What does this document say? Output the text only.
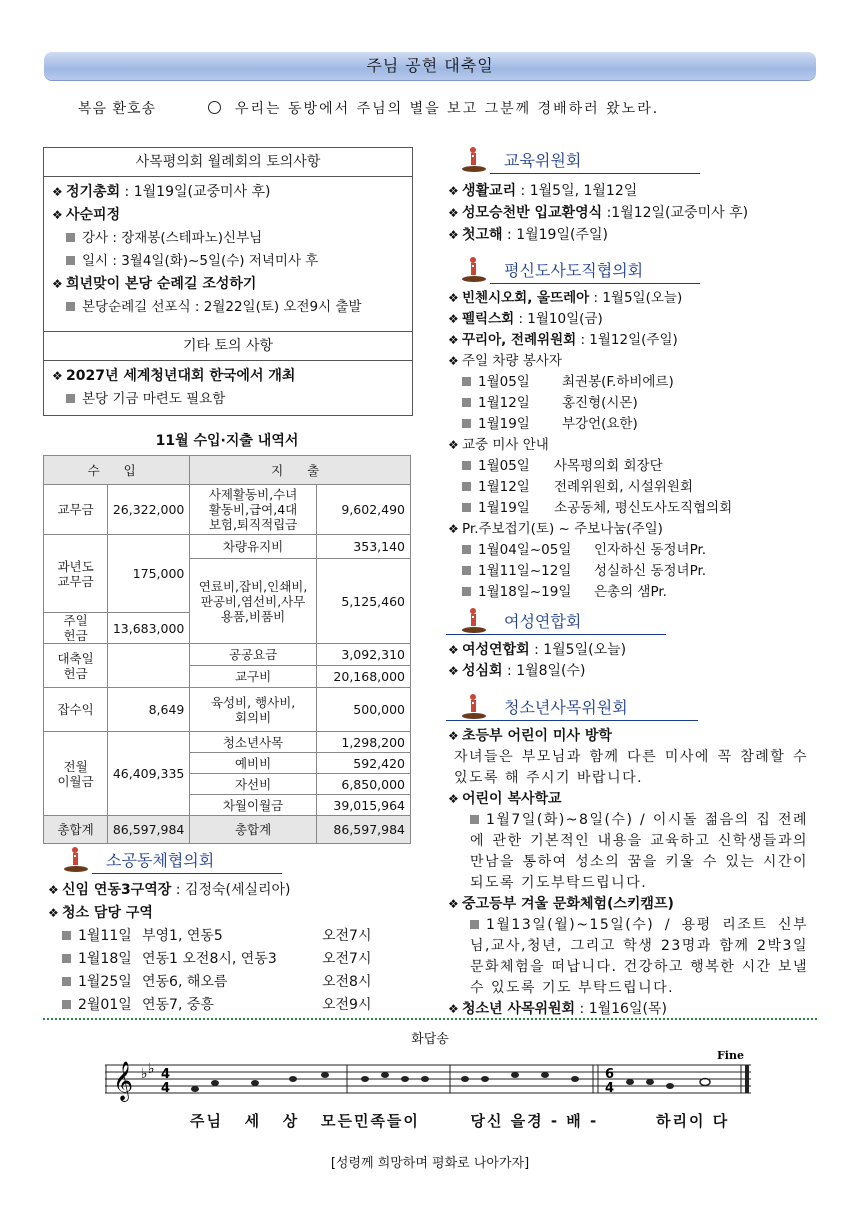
주님 공현 대축일
복음 환호송	우리는 동방에서 주님의 별을 보고 그분께 경배하러 왔노라.
사목평의회 월례회의 토의사항
❖ 정기총회 : 1월19일(교중미사 후)
❖ 사순피정
강사 : 장재봉(스테파노)신부님
일시 : 3월4일(화)~5일(수) 저녁미사 후
❖ 희년맞이 본당 순례길 조성하기
본당순례길 선포식 : 2월22일(토) 오전9시 출발
기타 토의 사항
❖ 2027년 세계청년대회 한국에서 개최
본당 기금 마련도 필요함
11월 수입·지출 내역서
수 입		지 출	
교무금	26,322,000	사제활동비,수녀
활동비,급여,4대
보험,퇴직적립금	9,602,490
과년도
교무금	175,000	차량유지비	353,140
		연료비,잡비,인쇄비,
판공비,염선비,사무
용품,비품비	5,125,460
주일
헌금	13,683,000		
대축일
헌금		공공요금	3,092,310
		교구비	20,168,000
잡수익	8,649	육성비, 행사비,
회의비	500,000
전월
이월금	46,409,335	청소년사목	1,298,200
		예비비	592,420
		자선비	6,850,000
		차월이월금	39,015,964
총합계	86,597,984	총합계	86,597,984
소공동체협의회
❖ 신임 연동3구역장 : 김정숙(세실리아)
❖ 청소 담당 구역
1월11일 부영1, 연동5	오전7시
1월18일 연동1 오전8시, 연동3	오전7시
1월25일 연동6, 해오름	오전8시
2월01일 연동7, 중흥	오전9시
교육위원회
❖ 생활교리 : 1월5일, 1월12일
❖ 성모승천반 입교환영식 :1월12일(교중미사 후)
❖ 첫고해 : 1월19일(주일)
평신도사도직협의회
❖ 빈첸시오회, 울뜨레아 : 1월5일(오늘)
❖ 펠릭스회 : 1월10일(금)
❖ 꾸리아, 전례위원회 : 1월12일(주일)
❖ 주일 차량 봉사자
1월05일 최권봉(F.하비에르)
1월12일 홍진형(시몬)
1월19일 부강언(요한)
❖ 교중 미사 안내
1월05일 사목평의회 회장단
1월12일 전례위원회, 시설위원회
1월19일 소공동체, 평신도사도직협의회
❖ Pr.주보접기(토) ~ 주보나눔(주일)
1월04일~05일 인자하신 동정녀Pr.
1월11일~12일 성실하신 동정녀Pr.
1월18일~19일 은총의 샘Pr.
여성연합회
❖ 여성연합회 : 1월5일(오늘)
❖ 성심회 : 1월8일(수)
청소년사목위원회
❖ 초등부 어린이 미사 방학
자녀들은 부모님과 함께 다른 미사에 꼭 참례할 수 있도록 해 주시기 바랍니다.
❖ 어린이 복사학교
1월7일(화)~8일(수) / 이시돌 젊음의 집 전례에 관한 기본적인 내용을 교육하고 신학생들과의 만남을 통하여 성소의 꿈을 키울 수 있는 시간이 되도록 기도부탁드립니다.
❖ 중고등부 겨울 문화체험(스키캠프)
1월13일(월)~15일(수) / 용평 리조트 신부님,교사,청년, 그리고 학생 23명과 함께 2박3일 문화체험을 떠납니다. 건강하고 행복한 시간 보낼수 있도록 기도 부탁드립니다.
❖ 청소년 사목위원회 : 1월16일(목)
화답송
𝄞 ♭ ♭ 4
4
6
4
Fine
주님   세   상   모든민족들이       당신 을경 - 배 -        하리이 다
[성령께 희망하며 평화로 나아가자]
